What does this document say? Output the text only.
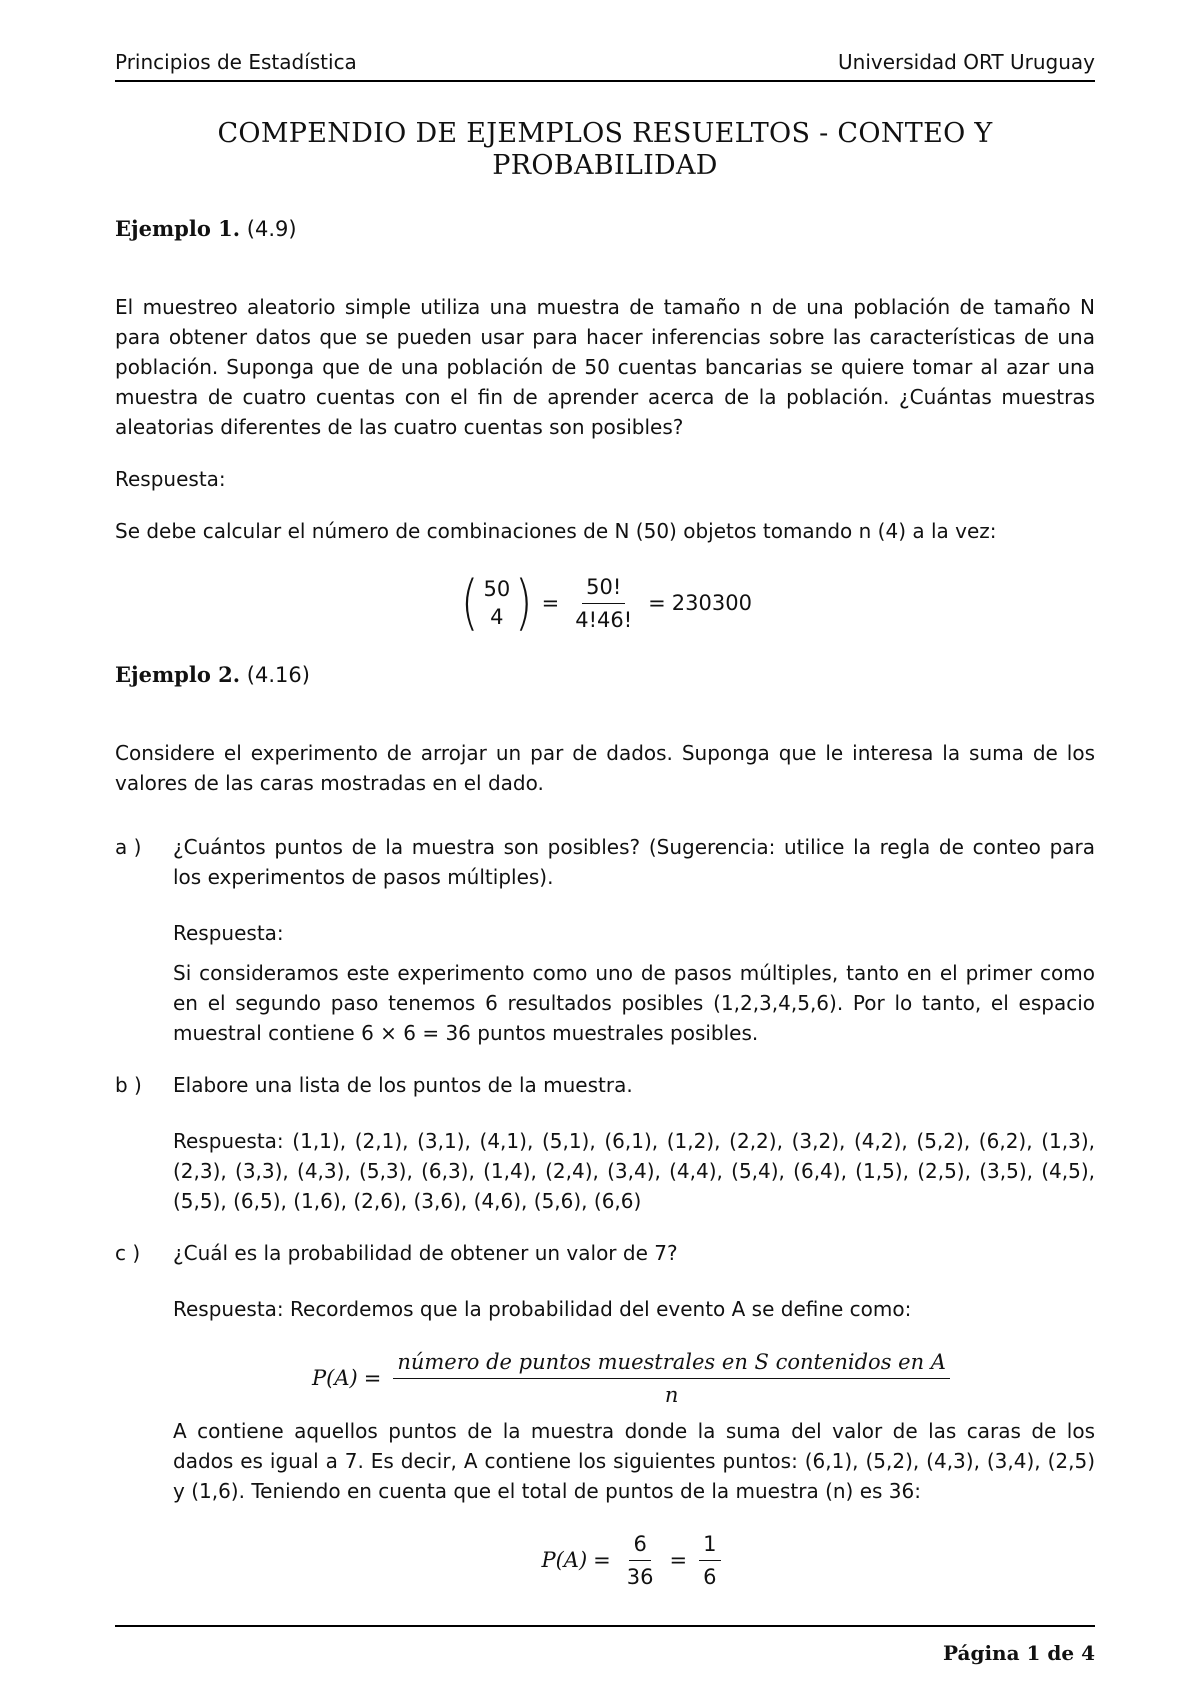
Principios de Estadística	Universidad ORT Uruguay
COMPENDIO DE EJEMPLOS RESUELTOS - CONTEO Y
PROBABILIDAD
Ejemplo 1. (4.9)

El muestreo aleatorio simple utiliza una muestra de tamaño n de una población de tamaño N para obtener datos que se pueden usar para hacer inferencias sobre las características de una población. Suponga que de una población de 50 cuentas bancarias se quiere tomar al azar una muestra de cuatro cuentas con el fin de aprender acerca de la población. ¿Cuántas muestras aleatorias diferentes de las cuatro cuentas son posibles?

Respuesta:

Se debe calcular el número de combinaciones de N (50) objetos tomando n (4) a la vez:

( 50
4 ) = $\frac{50!}{4!46!} = 230300$
Ejemplo 2. (4.16)

Considere el experimento de arrojar un par de dados. Suponga que le interesa la suma de los valores de las caras mostradas en el dado.

a )	¿Cuántos puntos de la muestra son posibles? (Sugerencia: utilice la regla de conteo para los experimentos de pasos múltiples).

Respuesta:

Si consideramos este experimento como uno de pasos múltiples, tanto en el primer como en el segundo paso tenemos 6 resultados posibles (1,2,3,4,5,6). Por lo tanto, el espacio muestral contiene 6 × 6 = 36 puntos muestrales posibles.

b )	Elabore una lista de los puntos de la muestra.

Respuesta: (1,1), (2,1), (3,1), (4,1), (5,1), (6,1), (1,2), (2,2), (3,2), (4,2), (5,2), (6,2), (1,3), (2,3), (3,3), (4,3), (5,3), (6,3), (1,4), (2,4), (3,4), (4,4), (5,4), (6,4), (1,5), (2,5), (3,5), (4,5), (5,5), (6,5), (1,6), (2,6), (3,6), (4,6), (5,6), (6,6)

c )	¿Cuál es la probabilidad de obtener un valor de 7?

Respuesta: Recordemos que la probabilidad del evento A se define como:

$P(A) = \frac{\text{número de puntos muestrales en S contenidos en A}}{n}$

A contiene aquellos puntos de la muestra donde la suma del valor de las caras de los dados es igual a 7. Es decir, A contiene los siguientes puntos: (6,1), (5,2), (4,3), (3,4), (2,5) y (1,6). Teniendo en cuenta que el total de puntos de la muestra (n) es 36:

$P(A) = \frac{6}{36} = \frac{1}{6}$
Página 1 de 4
